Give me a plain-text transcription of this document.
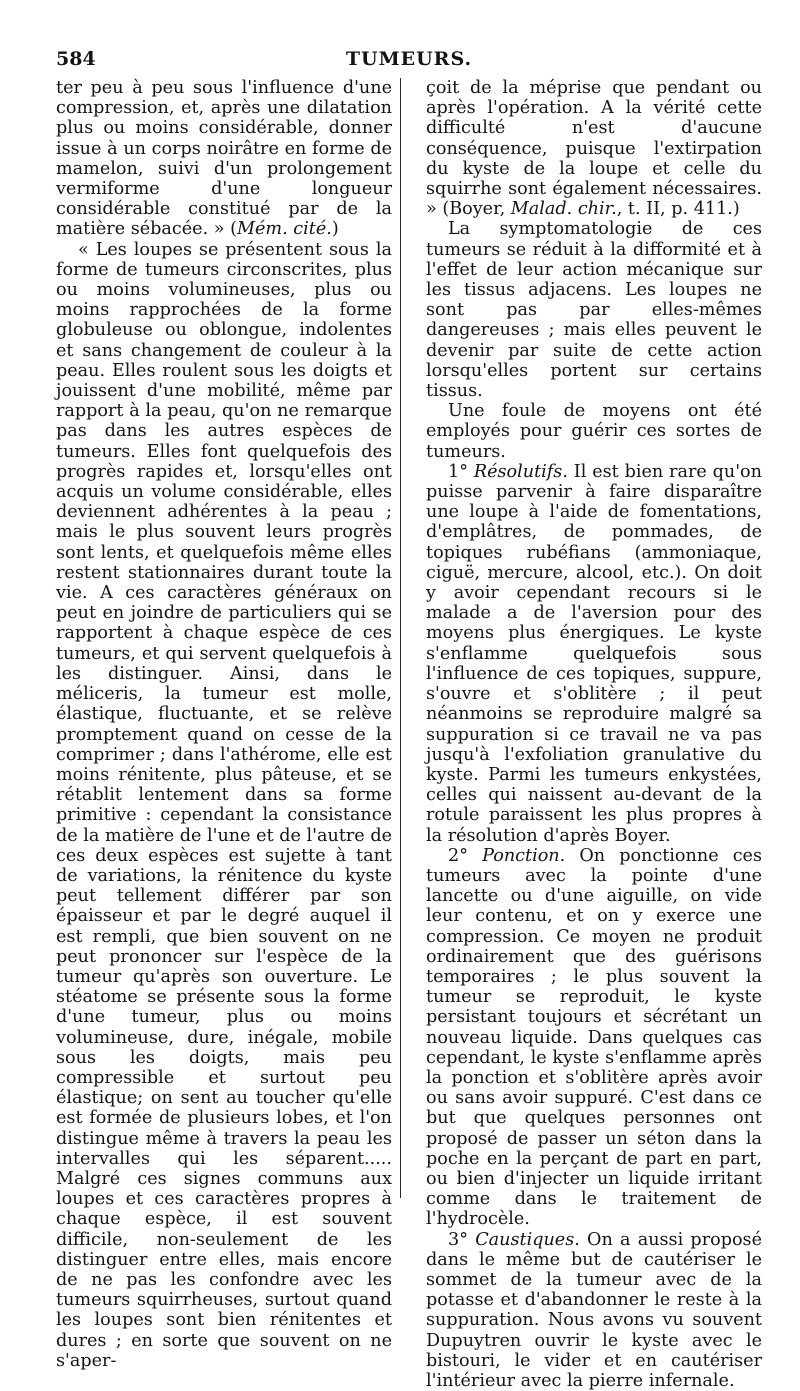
584	TUMEURS.

ter peu à peu sous l'influence d'une compression, et, après une dilatation plus ou moins considérable, donner issue à un corps noirâtre en forme de mamelon, suivi d'un prolongement vermiforme d'une longueur considérable constitué par de la matière sébacée. » (Mém. cité.)

« Les loupes se présentent sous la forme de tumeurs circonscrites, plus ou moins volumineuses, plus ou moins rapprochées de la forme globuleuse ou oblongue, indolentes et sans changement de couleur à la peau. Elles roulent sous les doigts et jouissent d'une mobilité, même par rapport à la peau, qu'on ne remarque pas dans les autres espèces de tumeurs. Elles font quelquefois des progrès rapides et, lorsqu'elles ont acquis un volume considérable, elles deviennent adhérentes à la peau ; mais le plus souvent leurs progrès sont lents, et quelquefois même elles restent stationnaires durant toute la vie. A ces caractères généraux on peut en joindre de particuliers qui se rapportent à chaque espèce de ces tumeurs, et qui servent quelquefois à les distinguer. Ainsi, dans le méliceris, la tumeur est molle, élastique, fluctuante, et se relève promptement quand on cesse de la comprimer ; dans l'athérome, elle est moins rénitente, plus pâteuse, et se rétablit lentement dans sa forme primitive : cependant la consistance de la matière de l'une et de l'autre de ces deux espèces est sujette à tant de variations, la rénitence du kyste peut tellement différer par son épaisseur et par le degré auquel il est rempli, que bien souvent on ne peut prononcer sur l'espèce de la tumeur qu'après son ouverture. Le stéatome se présente sous la forme d'une tumeur, plus ou moins volumineuse, dure, inégale, mobile sous les doigts, mais peu compressible et surtout peu élastique; on sent au toucher qu'elle est formée de plusieurs lobes, et l'on distingue même à travers la peau les intervalles qui les séparent..... Malgré ces signes communs aux loupes et ces caractères propres à chaque espèce, il est souvent difficile, non-seulement de les distinguer entre elles, mais encore de ne pas les confondre avec les tumeurs squirrheuses, surtout quand les loupes sont bien rénitentes et dures ; en sorte que souvent on ne s'aper-

çoit de la méprise que pendant ou après l'opération. A la vérité cette difficulté n'est d'aucune conséquence, puisque l'extirpation du kyste de la loupe et celle du squirrhe sont également nécessaires. » (Boyer, Malad. chir., t. II, p. 411.)

La symptomatologie de ces tumeurs se réduit à la difformité et à l'effet de leur action mécanique sur les tissus adjacens. Les loupes ne sont pas par elles-mêmes dangereuses ; mais elles peuvent le devenir par suite de cette action lorsqu'elles portent sur certains tissus.

Une foule de moyens ont été employés pour guérir ces sortes de tumeurs.

1° Résolutifs. Il est bien rare qu'on puisse parvenir à faire disparaître une loupe à l'aide de fomentations, d'emplâtres, de pommades, de topiques rubéfians (ammoniaque, ciguë, mercure, alcool, etc.). On doit y avoir cependant recours si le malade a de l'aversion pour des moyens plus énergiques. Le kyste s'enflamme quelquefois sous l'influence de ces topiques, suppure, s'ouvre et s'oblitère ; il peut néanmoins se reproduire malgré sa suppuration si ce travail ne va pas jusqu'à l'exfoliation granulative du kyste. Parmi les tumeurs enkystées, celles qui naissent au-devant de la rotule paraissent les plus propres à la résolution d'après Boyer.

2° Ponction. On ponctionne ces tumeurs avec la pointe d'une lancette ou d'une aiguille, on vide leur contenu, et on y exerce une compression. Ce moyen ne produit ordinairement que des guérisons temporaires ; le plus souvent la tumeur se reproduit, le kyste persistant toujours et sécrétant un nouveau liquide. Dans quelques cas cependant, le kyste s'enflamme après la ponction et s'oblitère après avoir ou sans avoir suppuré. C'est dans ce but que quelques personnes ont proposé de passer un séton dans la poche en la perçant de part en part, ou bien d'injecter un liquide irritant comme dans le traitement de l'hydrocèle.

3° Caustiques. On a aussi proposé dans le même but de cautériser le sommet de la tumeur avec de la potasse et d'abandonner le reste à la suppuration. Nous avons vu souvent Dupuytren ouvrir le kyste avec le bistouri, le vider et en cautériser l'intérieur avec la pierre infernale.
